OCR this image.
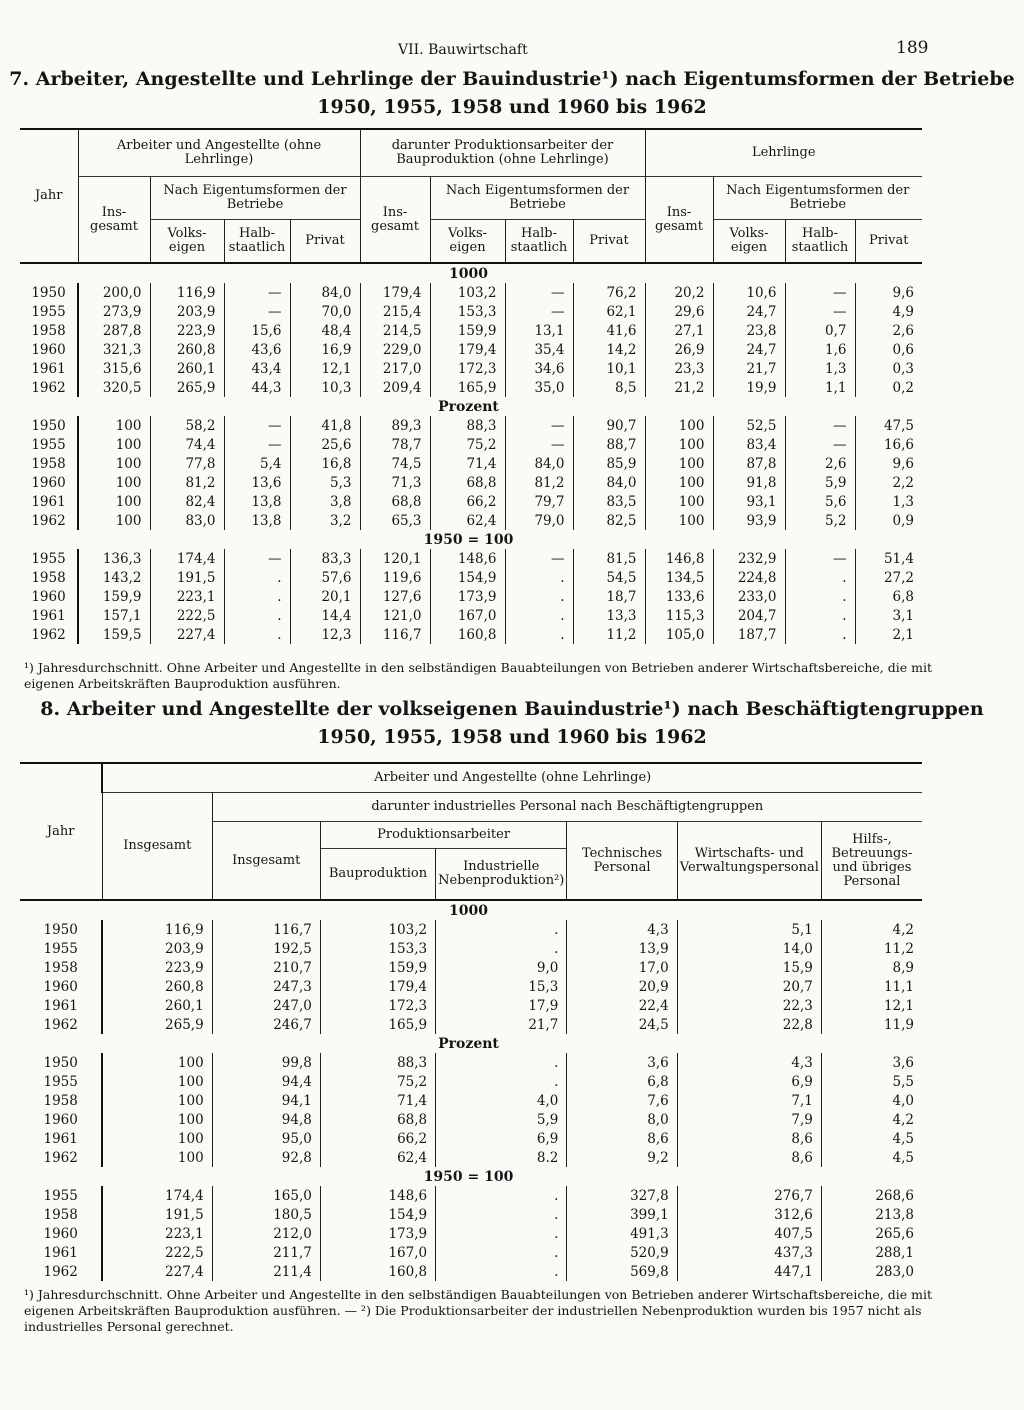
VII. Bauwirtschaft	189
7. Arbeiter, Angestellte und Lehrlinge der Bauindustrie¹) nach Eigentumsformen der Betriebe
1950, 1955, 1958 und 1960 bis 1962
Jahr	Arbeiter und Angestellte (ohne Lehrlinge)				darunter Produktionsarbeiter der Bauproduktion (ohne Lehrlinge)				Lehrlinge			
	Ins-gesamt	Nach Eigentumsformen der Betriebe			Ins-gesamt	Nach Eigentumsformen der Betriebe			Ins-gesamt	Nach Eigentumsformen der Betriebe		
		Volks-eigen	Halb-staatlich	Privat		Volks-eigen	Halb-staatlich	Privat		Volks-eigen	Halb-staatlich	Privat
1000												
1950	200,0	116,9	—	84,0	179,4	103,2	—	76,2	20,2	10,6	—	9,6
1955	273,9	203,9	—	70,0	215,4	153,3	—	62,1	29,6	24,7	—	4,9
1958	287,8	223,9	15,6	48,4	214,5	159,9	13,1	41,6	27,1	23,8	0,7	2,6
1960	321,3	260,8	43,6	16,9	229,0	179,4	35,4	14,2	26,9	24,7	1,6	0,6
1961	315,6	260,1	43,4	12,1	217,0	172,3	34,6	10,1	23,3	21,7	1,3	0,3
1962	320,5	265,9	44,3	10,3	209,4	165,9	35,0	8,5	21,2	19,9	1,1	0,2
Prozent												
1950	100	58,2	—	41,8	89,3	88,3	—	90,7	100	52,5	—	47,5
1955	100	74,4	—	25,6	78,7	75,2	—	88,7	100	83,4	—	16,6
1958	100	77,8	5,4	16,8	74,5	71,4	84,0	85,9	100	87,8	2,6	9,6
1960	100	81,2	13,6	5,3	71,3	68,8	81,2	84,0	100	91,8	5,9	2,2
1961	100	82,4	13,8	3,8	68,8	66,2	79,7	83,5	100	93,1	5,6	1,3
1962	100	83,0	13,8	3,2	65,3	62,4	79,0	82,5	100	93,9	5,2	0,9
1950 = 100												
1955	136,3	174,4	—	83,3	120,1	148,6	—	81,5	146,8	232,9	—	51,4
1958	143,2	191,5	.	57,6	119,6	154,9	.	54,5	134,5	224,8	.	27,2
1960	159,9	223,1	.	20,1	127,6	173,9	.	18,7	133,6	233,0	.	6,8
1961	157,1	222,5	.	14,4	121,0	167,0	.	13,3	115,3	204,7	.	3,1
1962	159,5	227,4	.	12,3	116,7	160,8	.	11,2	105,0	187,7	.	2,1
¹) Jahresdurchschnitt. Ohne Arbeiter und Angestellte in den selbständigen Bauabteilungen von Betrieben anderer Wirtschaftsbereiche, die mit eigenen Arbeitskräften Bauproduktion ausführen.
8. Arbeiter und Angestellte der volkseigenen Bauindustrie¹) nach Beschäftigtengruppen
1950, 1955, 1958 und 1960 bis 1962
Jahr	Arbeiter und Angestellte (ohne Lehrlinge)						
	Insgesamt	darunter industrielles Personal nach Beschäftigtengruppen					
		Insgesamt	Produktionsarbeiter		Technisches Personal	Wirtschafts- und Verwaltungspersonal	Hilfs-, Betreuungs- und übriges Personal
			Bauproduktion	Industrielle Nebenproduktion²)			
1000							
1950	116,9	116,7	103,2	.	4,3	5,1	4,2
1955	203,9	192,5	153,3	.	13,9	14,0	11,2
1958	223,9	210,7	159,9	9,0	17,0	15,9	8,9
1960	260,8	247,3	179,4	15,3	20,9	20,7	11,1
1961	260,1	247,0	172,3	17,9	22,4	22,3	12,1
1962	265,9	246,7	165,9	21,7	24,5	22,8	11,9
Prozent							
1950	100	99,8	88,3	.	3,6	4,3	3,6
1955	100	94,4	75,2	.	6,8	6,9	5,5
1958	100	94,1	71,4	4,0	7,6	7,1	4,0
1960	100	94,8	68,8	5,9	8,0	7,9	4,2
1961	100	95,0	66,2	6,9	8,6	8,6	4,5
1962	100	92,8	62,4	8.2	9,2	8,6	4,5
1950 = 100							
1955	174,4	165,0	148,6	.	327,8	276,7	268,6
1958	191,5	180,5	154,9	.	399,1	312,6	213,8
1960	223,1	212,0	173,9	.	491,3	407,5	265,6
1961	222,5	211,7	167,0	.	520,9	437,3	288,1
1962	227,4	211,4	160,8	.	569,8	447,1	283,0
¹) Jahresdurchschnitt. Ohne Arbeiter und Angestellte in den selbständigen Bauabteilungen von Betrieben anderer Wirtschaftsbereiche, die mit eigenen Arbeitskräften Bauproduktion ausführen. — ²) Die Produktionsarbeiter der industriellen Nebenproduktion wurden bis 1957 nicht als industrielles Personal gerechnet.
